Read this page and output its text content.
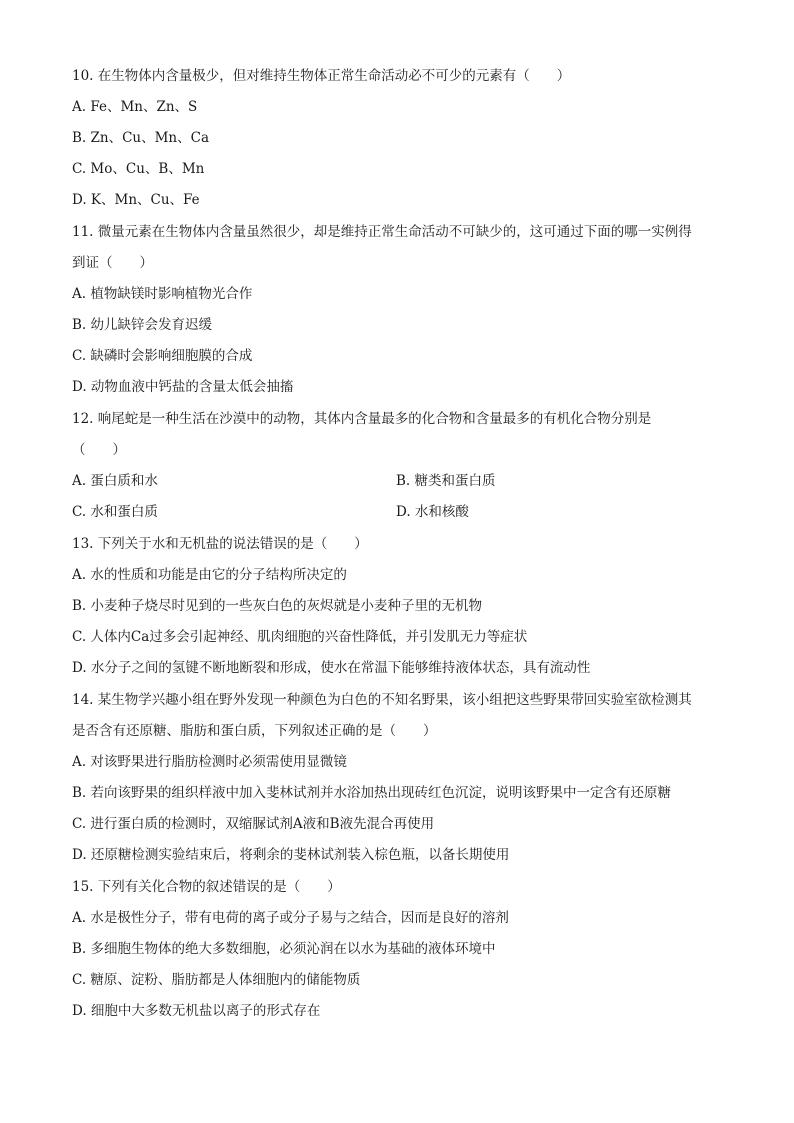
10. 在生物体内含量极少，但对维持生物体正常生命活动必不可少的元素有（　　）
A. Fe、Mn、Zn、S
B. Zn、Cu、Mn、Ca
C. Mo、Cu、B、Mn
D. K、Mn、Cu、Fe
11. 微量元素在生物体内含量虽然很少，却是维持正常生命活动不可缺少的，这可通过下面的哪一实例得
到证（　　）
A. 植物缺镁时影响植物光合作
B. 幼儿缺锌会发育迟缓
C. 缺磷时会影响细胞膜的合成
D. 动物血液中钙盐的含量太低会抽搐
12. 响尾蛇是一种生活在沙漠中的动物，其体内含量最多的化合物和含量最多的有机化合物分别是
（　　）
A. 蛋白质和水	B. 糖类和蛋白质
C. 水和蛋白质	D. 水和核酸
13. 下列关于水和无机盐的说法错误的是（　　）
A. 水的性质和功能是由它的分子结构所决定的
B. 小麦种子烧尽时见到的一些灰白色的灰烬就是小麦种子里的无机物
C. 人体内Ca过多会引起神经、肌肉细胞的兴奋性降低，并引发肌无力等症状
D. 水分子之间的氢键不断地断裂和形成，使水在常温下能够维持液体状态，具有流动性
14. 某生物学兴趣小组在野外发现一种颜色为白色的不知名野果，该小组把这些野果带回实验室欲检测其
是否含有还原糖、脂肪和蛋白质，下列叙述正确的是（　　）
A. 对该野果进行脂肪检测时必须需使用显微镜
B. 若向该野果的组织样液中加入斐林试剂并水浴加热出现砖红色沉淀，说明该野果中一定含有还原糖
C. 进行蛋白质的检测时，双缩脲试剂A液和B液先混合再使用
D. 还原糖检测实验结束后，将剩余的斐林试剂装入棕色瓶，以备长期使用
15. 下列有关化合物的叙述错误的是（　　）
A. 水是极性分子，带有电荷的离子或分子易与之结合，因而是良好的溶剂
B. 多细胞生物体的绝大多数细胞，必须沁润在以水为基础的液体环境中
C. 糖原、淀粉、脂肪都是人体细胞内的储能物质
D. 细胞中大多数无机盐以离子的形式存在
